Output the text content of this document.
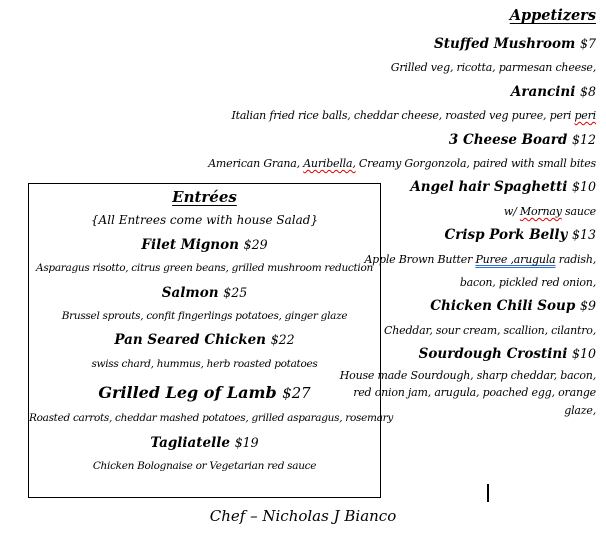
Appetizers
Stuffed Mushroom $7
Grilled veg, ricotta, parmesan cheese,
Arancini $8
Italian fried rice balls, cheddar cheese, roasted veg puree, peri peri
3 Cheese Board $12
American Grana, Auribella, Creamy Gorgonzola, paired with small bites
Angel hair Spaghetti $10
w/ Mornay sauce
Crisp Pork Belly $13
Apple Brown Butter Puree ,arugula radish,
bacon, pickled red onion,
Chicken Chili Soup $9
Cheddar, sour cream, scallion, cilantro,
Sourdough Crostini $10
House made Sourdough, sharp cheddar, bacon,
red onion jam, arugula, poached egg, orange
glaze,
Entrées
{All Entrees come with house Salad}
Filet Mignon $29
Asparagus risotto, citrus green beans, grilled mushroom reduction
Salmon $25
Brussel sprouts, confit fingerlings potatoes, ginger glaze
Pan Seared Chicken $22
swiss chard, hummus, herb roasted potatoes
Grilled Leg of Lamb $27
Roasted carrots, cheddar mashed potatoes, grilled asparagus, rosemary
Tagliatelle $19
Chicken Bolognaise or Vegetarian red sauce
Chef – Nicholas J Bianco
